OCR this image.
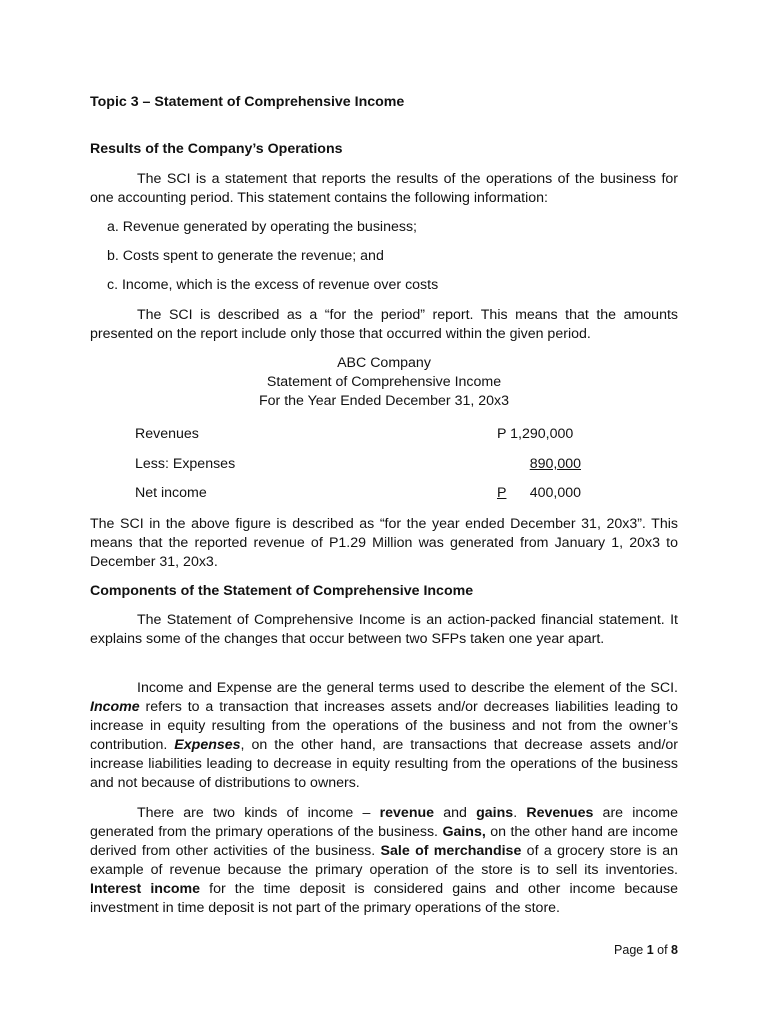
Topic 3 – Statement of Comprehensive Income
Results of the Company’s Operations

The SCI is a statement that reports the results of the operations of the business for one accounting period. This statement contains the following information:

a. Revenue generated by operating the business;
b. Costs spent to generate the revenue; and
c. Income, which is the excess of revenue over costs

The SCI is described as a “for the period” report. This means that the amounts presented on the report include only those that occurred within the given period.

ABC Company
Statement of Comprehensive Income
For the Year Ended December 31, 20x3
Revenues	P 1,290,000
Less: Expenses	890,000
Net income	P 400,000

The SCI in the above figure is described as “for the year ended December 31, 20x3”. This means that the reported revenue of P1.29 Million was generated from January 1, 20x3 to December 31, 20x3.

Components of the Statement of Comprehensive Income

The Statement of Comprehensive Income is an action-packed financial statement. It explains some of the changes that occur between two SFPs taken one year apart.

Income and Expense are the general terms used to describe the element of the SCI. Income refers to a transaction that increases assets and/or decreases liabilities leading to increase in equity resulting from the operations of the business and not from the owner’s contribution. Expenses, on the other hand, are transactions that decrease assets and/or increase liabilities leading to decrease in equity resulting from the operations of the business and not because of distributions to owners.

There are two kinds of income – revenue and gains. Revenues are income generated from the primary operations of the business. Gains, on the other hand are income derived from other activities of the business. Sale of merchandise of a grocery store is an example of revenue because the primary operation of the store is to sell its inventories. Interest income for the time deposit is considered gains and other income because investment in time deposit is not part of the primary operations of the store.

Page 1 of 8
